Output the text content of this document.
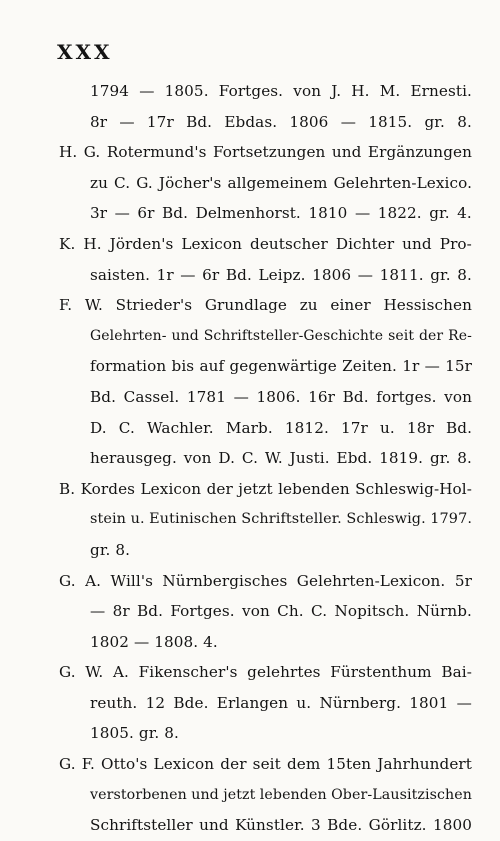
XXX
1794 — 1805. Fortges. von J. H. M. Ernesti.
8r — 17r Bd. Ebdas. 1806 — 1815. gr. 8.
H. G. Rotermund's Fortsetzungen und Ergänzungen
zu C. G. Jöcher's allgemeinem Gelehrten-Lexico.
3r — 6r Bd. Delmenhorst. 1810 — 1822. gr. 4.
K. H. Jörden's Lexicon deutscher Dichter und Pro-
saisten. 1r — 6r Bd. Leipz. 1806 — 1811. gr. 8.
F. W. Strieder's Grundlage zu einer Hessischen
Gelehrten- und Schriftsteller-Geschichte seit der Re-
formation bis auf gegenwärtige Zeiten. 1r — 15r
Bd. Cassel. 1781 — 1806. 16r Bd. fortges. von
D. C. Wachler. Marb. 1812. 17r u. 18r Bd.
herausgeg. von D. C. W. Justi. Ebd. 1819. gr. 8.
B. Kordes Lexicon der jetzt lebenden Schleswig-Hol-
stein u. Eutinischen Schriftsteller. Schleswig. 1797.
gr. 8.
G. A. Will's Nürnbergisches Gelehrten-Lexicon. 5r
— 8r Bd. Fortges. von Ch. C. Nopitsch. Nürnb.
1802 — 1808. 4.
G. W. A. Fikenscher's gelehrtes Fürstenthum Bai-
reuth. 12 Bde. Erlangen u. Nürnberg. 1801 —
1805. gr. 8.
G. F. Otto's Lexicon der seit dem 15ten Jahrhundert
verstorbenen und jetzt lebenden Ober-Lausitzischen
Schriftsteller und Künstler. 3 Bde. Görlitz. 1800
